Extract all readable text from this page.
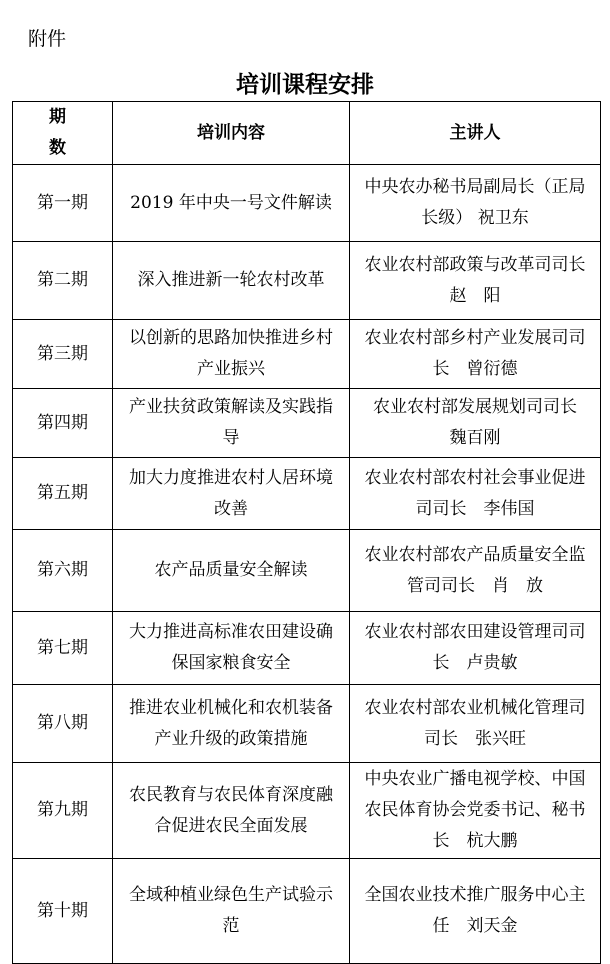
附件
培训课程安排
期　数	培训内容	主讲人
第一期	2019 年中央一号文件解读	中央农办秘书局副局长（正局长级） 祝卫东
第二期	深入推进新一轮农村改革	农业农村部政策与改革司司长　赵　阳
第三期	以创新的思路加快推进乡村产业振兴	农业农村部乡村产业发展司司长　曾衍德
第四期	产业扶贫政策解读及实践指导	农业农村部发展规划司司长　魏百刚
第五期	加大力度推进农村人居环境改善	农业农村部农村社会事业促进司司长　李伟国
第六期	农产品质量安全解读	农业农村部农产品质量安全监管司司长　肖　放
第七期	大力推进高标准农田建设确保国家粮食安全	农业农村部农田建设管理司司长　卢贵敏
第八期	推进农业机械化和农机装备产业升级的政策措施	农业农村部农业机械化管理司司长　张兴旺
第九期	农民教育与农民体育深度融合促进农民全面发展	中央农业广播电视学校、中国农民体育协会党委书记、秘书长　杭大鹏
第十期	全域种植业绿色生产试验示范	全国农业技术推广服务中心主任　刘天金
